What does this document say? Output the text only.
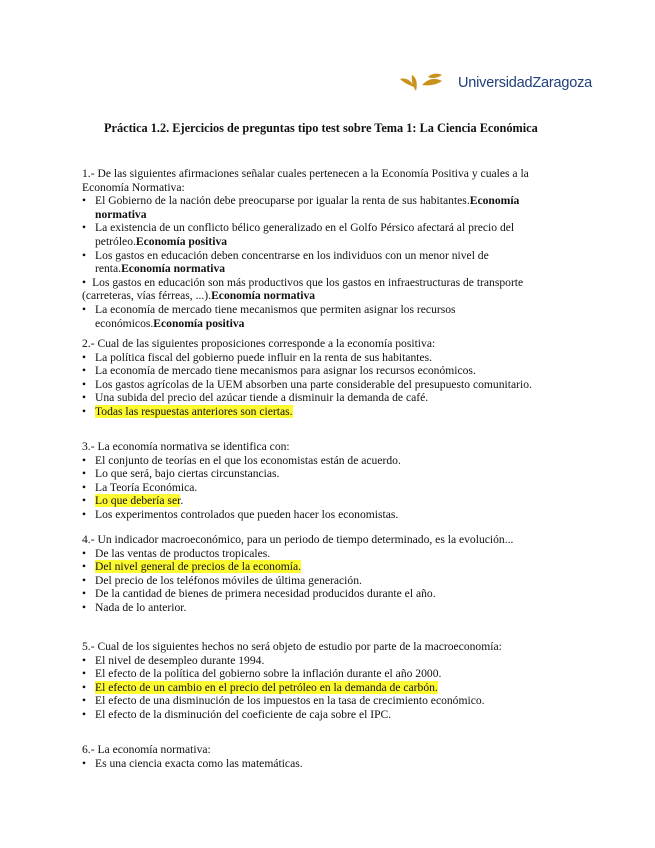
UniversidadZaragoza
Práctica 1.2. Ejercicios de preguntas tipo test sobre Tema 1: La Ciencia Económica

1.- De las siguientes afirmaciones señalar cuales pertenecen a la Economía Positiva y cuales a la Economía Normativa:

• El Gobierno de la nación debe preocuparse por igualar la renta de sus habitantes.Economía normativa
• La existencia de un conflicto bélico generalizado en el Golfo Pérsico afectará al precio del petróleo.Economía positiva
• Los gastos en educación deben concentrarse en los individuos con un menor nivel de renta.Economía normativa
• Los gastos en educación son más productivos que los gastos en infraestructuras de transporte (carreteras, vías férreas, ...).Economía normativa
• La economía de mercado tiene mecanismos que permiten asignar los recursos económicos.Economía positiva

2.- Cual de las siguientes proposiciones corresponde a la economía positiva:

• La política fiscal del gobierno puede influir en la renta de sus habitantes.
• La economía de mercado tiene mecanismos para asignar los recursos económicos.
• Los gastos agrícolas de la UEM absorben una parte considerable del presupuesto comunitario.
• Una subida del precio del azúcar tiende a disminuir la demanda de café.
• Todas las respuestas anteriores son ciertas.

3.- La economía normativa se identifica con:

• El conjunto de teorías en el que los economistas están de acuerdo.
• Lo que será, bajo ciertas circunstancias.
• La Teoría Económica.
• Lo que debería ser.
• Los experimentos controlados que pueden hacer los economistas.

4.- Un indicador macroeconómico, para un periodo de tiempo determinado, es la evolución...

• De las ventas de productos tropicales.
• Del nivel general de precios de la economía.
• Del precio de los teléfonos móviles de última generación.
• De la cantidad de bienes de primera necesidad producidos durante el año.
• Nada de lo anterior.

5.- Cual de los siguientes hechos no será objeto de estudio por parte de la macroeconomía:

• El nivel de desempleo durante 1994.
• El efecto de la política del gobierno sobre la inflación durante el año 2000.
• El efecto de un cambio en el precio del petróleo en la demanda de carbón.
• El efecto de una disminución de los impuestos en la tasa de crecimiento económico.
• El efecto de la disminución del coeficiente de caja sobre el IPC.

6.- La economía normativa:

• Es una ciencia exacta como las matemáticas.
